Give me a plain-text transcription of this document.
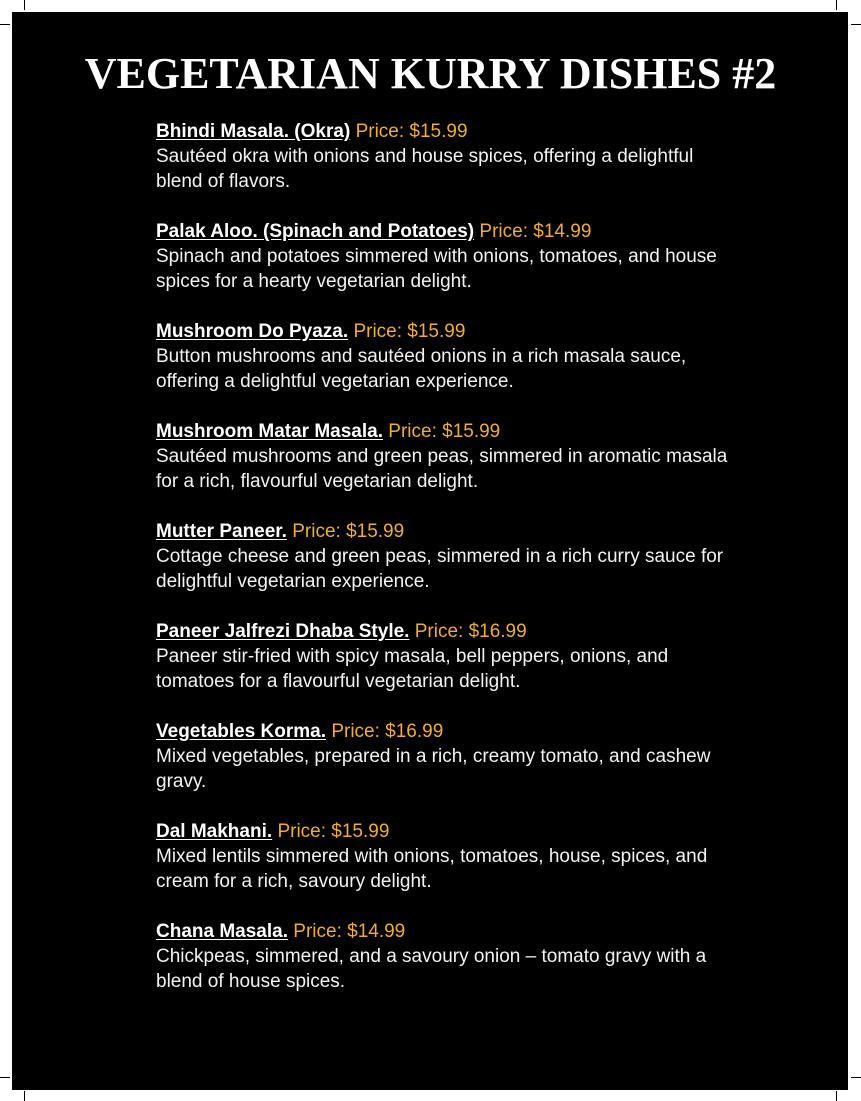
VEGETARIAN KURRY DISHES #2
Bhindi Masala. (Okra) Price: $15.99
Sautéed okra with onions and house spices, offering a delightful blend of flavors.
Palak Aloo. (Spinach and Potatoes) Price: $14.99
Spinach and potatoes simmered with onions, tomatoes, and house spices for a hearty vegetarian delight.
Mushroom Do Pyaza. Price: $15.99
Button mushrooms and sautéed onions in a rich masala sauce, offering a delightful vegetarian experience.
Mushroom Matar Masala. Price: $15.99
Sautéed mushrooms and green peas, simmered in aromatic masala for a rich, flavourful vegetarian delight.
Mutter Paneer. Price: $15.99
Cottage cheese and green peas, simmered in a rich curry sauce for delightful vegetarian experience.
Paneer Jalfrezi Dhaba Style. Price: $16.99
Paneer stir-fried with spicy masala, bell peppers, onions, and tomatoes for a flavourful vegetarian delight.
Vegetables Korma. Price: $16.99
Mixed vegetables, prepared in a rich, creamy tomato, and cashew gravy.
Dal Makhani. Price: $15.99
Mixed lentils simmered with onions, tomatoes, house, spices, and cream for a rich, savoury delight.
Chana Masala. Price: $14.99
Chickpeas, simmered, and a savoury onion – tomato gravy with a blend of house spices.
